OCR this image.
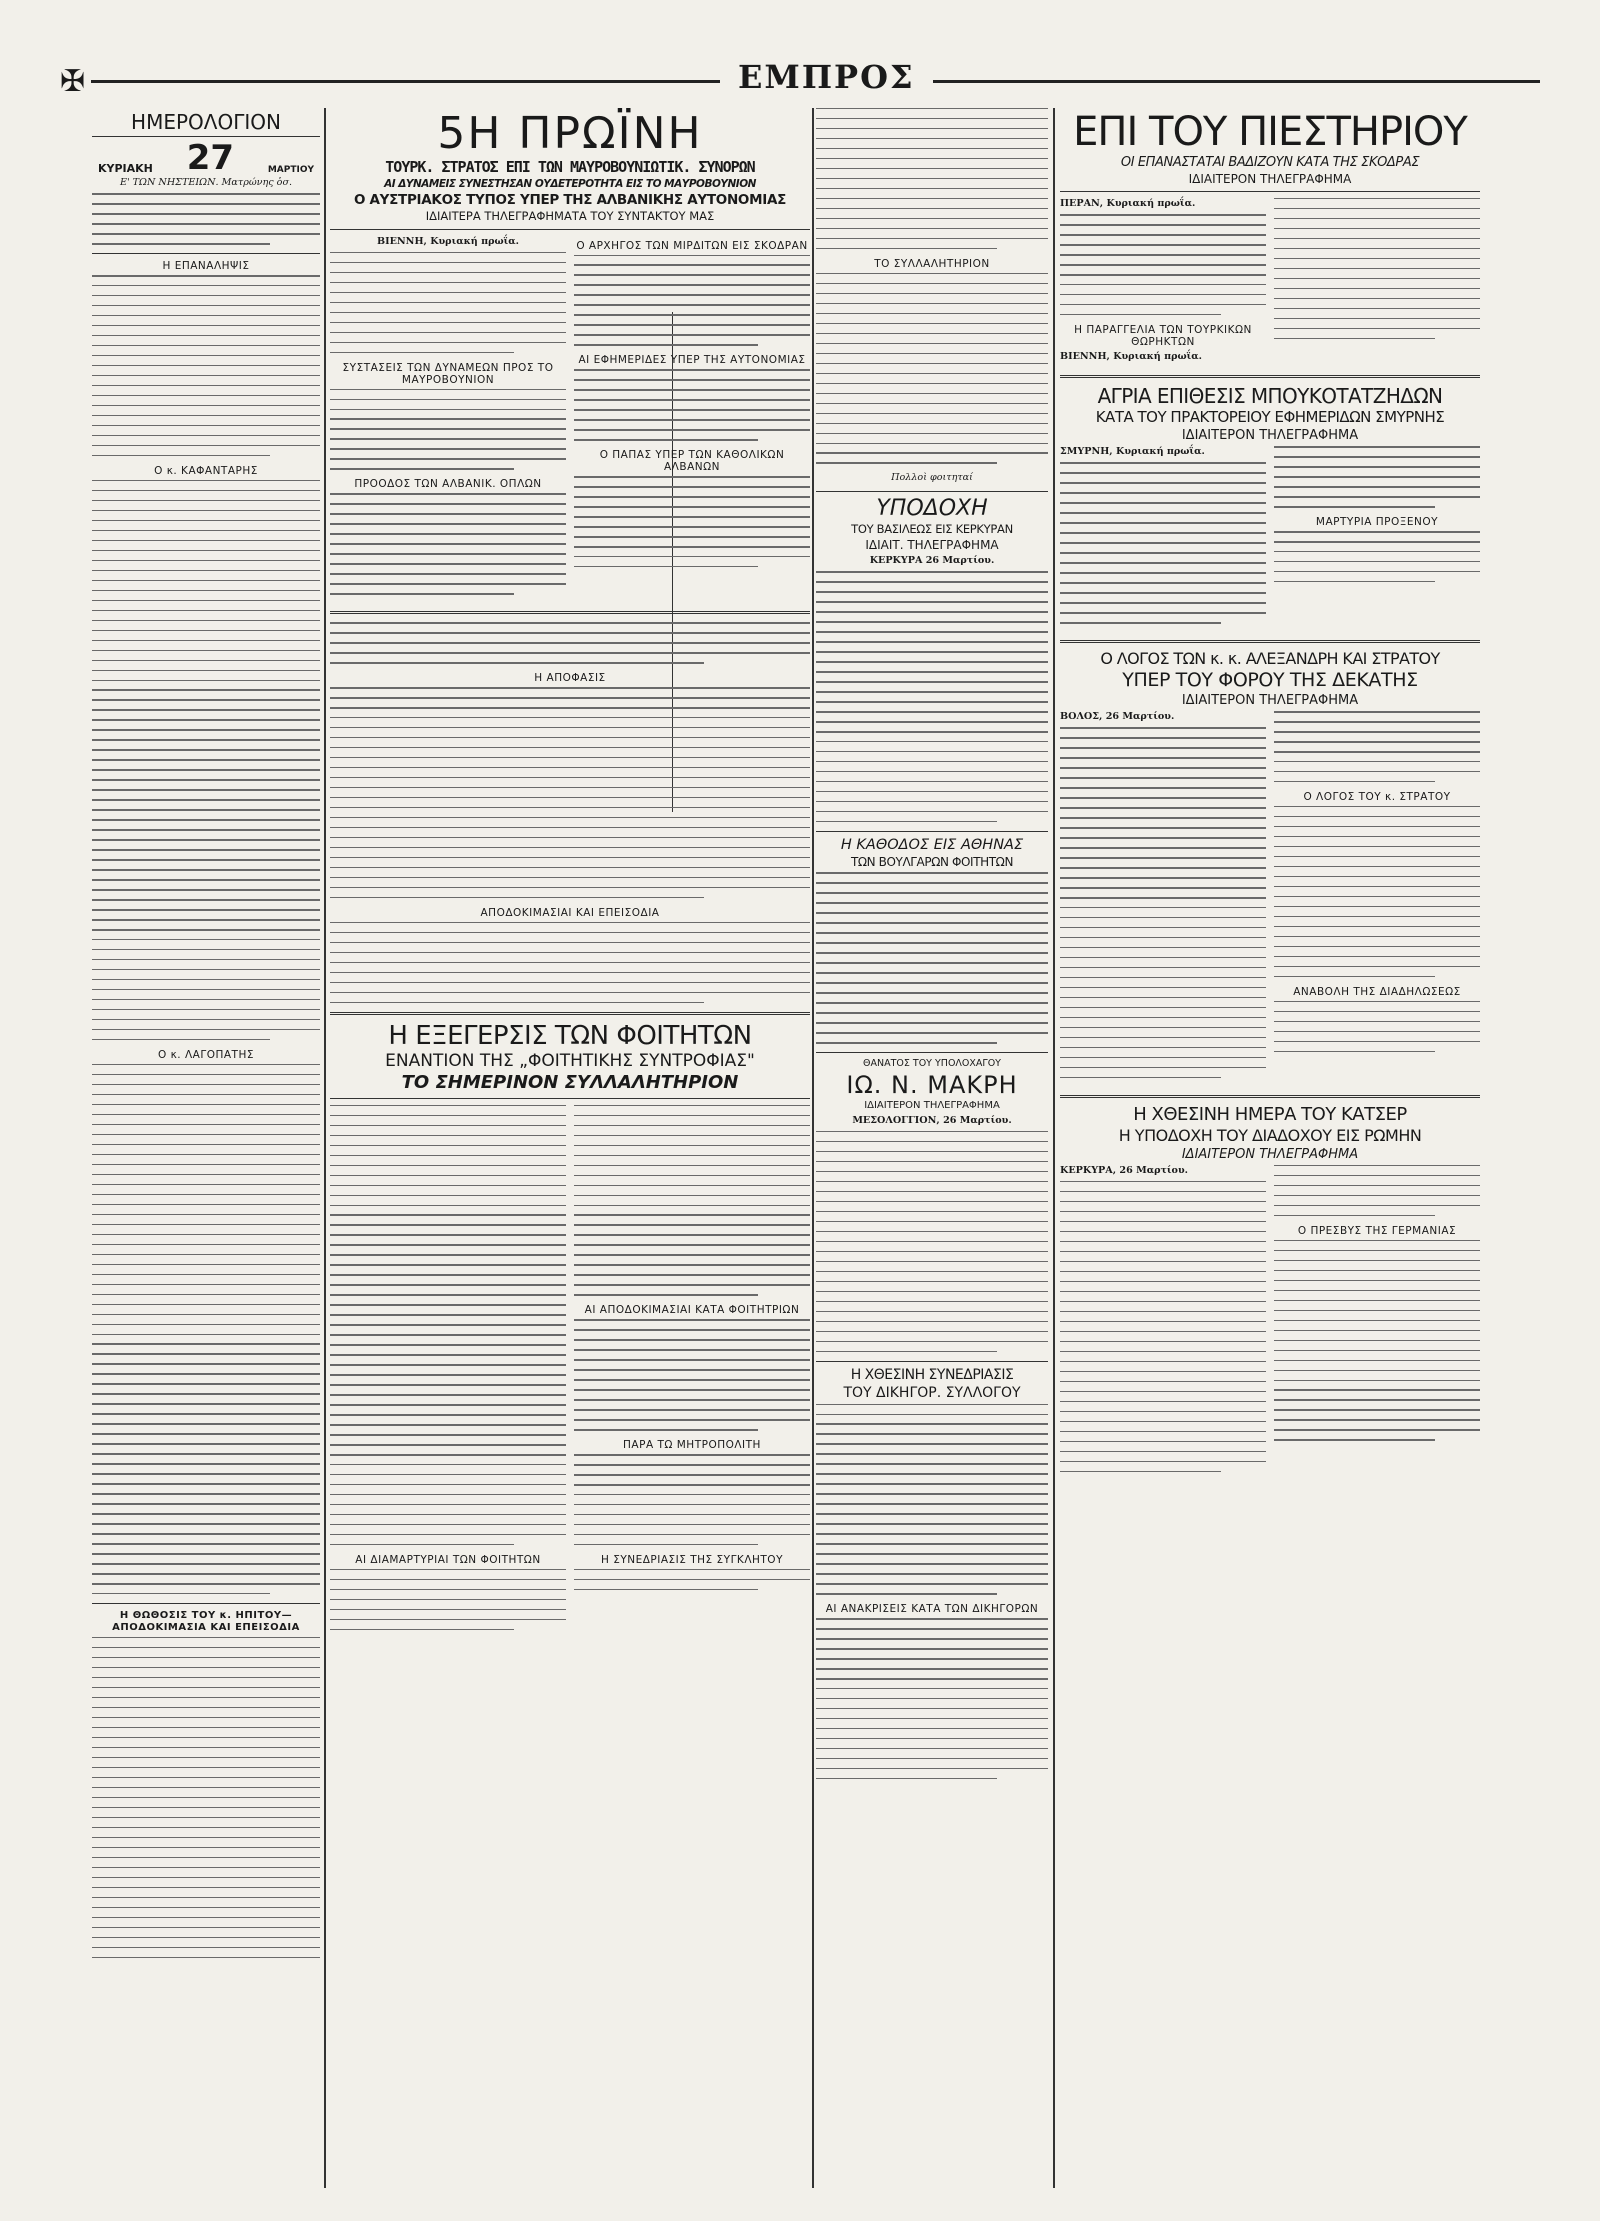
✠	ΕΜΠΡΟΣ
ΗΜΕΡΟΛΟΓΙΟΝ
ΚΥΡΙΑΚΗ 27	ΜΑΡΤΙΟΥ
Ε' ΤΩΝ ΝΗΣΤΕΙΩΝ. Ματρώνης ὁσ.
Η ΕΠΑΝΑΛΗΨΙΣ
Ο κ. ΚΑΦΑΝΤΑΡΗΣ
Ο κ. ΛΑΓΟΠΑΤΗΣ
Η ΘΩΘΟΣΙΣ ΤΟΥ κ. ΗΠΙΤΟΥ—ΑΠΟΔΟΚΙΜΑΣΙΑ ΚΑΙ ΕΠΕΙΣΟΔΙΑ
5Η ΠΡΩΪΝΗ
ΤΟΥΡΚ. ΣΤΡΑΤΟΣ ΕΠΙ ΤΩΝ ΜΑΥΡΟΒΟΥΝΙΩΤΙΚ. ΣΥΝΟΡΩΝ
ΑΙ ΔΥΝΑΜΕΙΣ ΣΥΝΕΣΤΗΣΑΝ ΟΥΔΕΤΕΡΟΤΗΤΑ ΕΙΣ ΤΟ ΜΑΥΡΟΒΟΥΝΙΟΝ
Ο ΑΥΣΤΡΙΑΚΟΣ ΤΥΠΟΣ ΥΠΕΡ ΤΗΣ ΑΛΒΑΝΙΚΗΣ ΑΥΤΟΝΟΜΙΑΣ
ΙΔΙΑΙΤΕΡΑ ΤΗΛΕΓΡΑΦΗΜΑΤΑ ΤΟΥ ΣΥΝΤΑΚΤΟΥ ΜΑΣ
ΒΙΕΝΝΗ, Κυριακή πρωΐα.
ΣΥΣΤΑΣΕΙΣ ΤΩΝ ΔΥΝΑΜΕΩΝ ΠΡΟΣ ΤΟ ΜΑΥΡΟΒΟΥΝΙΟΝ
ΠΡΟΟΔΟΣ ΤΩΝ ΑΛΒΑΝΙΚ. ΟΠΛΩΝ
Ο ΑΡΧΗΓΟΣ ΤΩΝ ΜΙΡΔΙΤΩΝ ΕΙΣ ΣΚΟΔΡΑΝ
ΑΙ ΕΦΗΜΕΡΙΔΕΣ ΥΠΕΡ ΤΗΣ ΑΥΤΟΝΟΜΙΑΣ
Ο ΠΑΠΑΣ ΥΠΕΡ ΤΩΝ ΚΑΘΟΛΙΚΩΝ ΑΛΒΑΝΩΝ
Η ΑΠΟΦΑΣΙΣ
ΑΠΟΔΟΚΙΜΑΣΙΑΙ ΚΑΙ ΕΠΕΙΣΟΔΙΑ
Η ΕΞΕΓΕΡΣΙΣ ΤΩΝ ΦΟΙΤΗΤΩΝ
ΕΝΑΝΤΙΟΝ ΤΗΣ „ΦΟΙΤΗΤΙΚΗΣ ΣΥΝΤΡΟΦΙΑΣ"
ΤΟ ΣΗΜΕΡΙΝΟΝ ΣΥΛΛΑΛΗΤΗΡΙΟΝ
ΑΙ ΔΙΑΜΑΡΤΥΡΙΑΙ ΤΩΝ ΦΟΙΤΗΤΩΝ
ΑΙ ΑΠΟΔΟΚΙΜΑΣΙΑΙ ΚΑΤΑ ΦΟΙΤΗΤΡΙΩΝ
ΠΑΡΑ ΤΩ ΜΗΤΡΟΠΟΛΙΤΗ
Η ΣΥΝΕΔΡΙΑΣΙΣ ΤΗΣ ΣΥΓΚΛΗΤΟΥ
ΤΟ ΣΥΛΛΑΛΗΤΗΡΙΟΝ
Πολλοὶ φοιτηταί
ΥΠΟΔΟΧΗ
ΤΟΥ ΒΑΣΙΛΕΩΣ ΕΙΣ ΚΕΡΚΥΡΑΝ
ΙΔΙΑΙΤ. ΤΗΛΕΓΡΑΦΗΜΑ
ΚΕΡΚΥΡΑ 26 Μαρτίου.
Η ΚΑΘΟΔΟΣ ΕΙΣ ΑΘΗΝΑΣ
ΤΩΝ ΒΟΥΛΓΑΡΩΝ ΦΟΙΤΗΤΩΝ
ΘΑΝΑΤΟΣ ΤΟΥ ΥΠΟΛΟΧΑΓΟΥ
ΙΩ. Ν. ΜΑΚΡΗ
ΙΔΙΑΙΤΕΡΟΝ ΤΗΛΕΓΡΑΦΗΜΑ
ΜΕΣΟΛΟΓΓΙΟΝ, 26 Μαρτίου.
Η ΧΘΕΣΙΝΗ ΣΥΝΕΔΡΙΑΣΙΣ
ΤΟΥ ΔΙΚΗΓΟΡ. ΣΥΛΛΟΓΟΥ
ΑΙ ΑΝΑΚΡΙΣΕΙΣ ΚΑΤΑ ΤΩΝ ΔΙΚΗΓΟΡΩΝ
ΕΠΙ ΤΟΥ ΠΙΕΣΤΗΡΙΟΥ
ΟΙ ΕΠΑΝΑΣΤΑΤΑΙ ΒΑΔΙΖΟΥΝ ΚΑΤΑ ΤΗΣ ΣΚΟΔΡΑΣ
ΙΔΙΑΙΤΕΡΟΝ ΤΗΛΕΓΡΑΦΗΜΑ
ΠΕΡΑΝ, Κυριακή πρωΐα.
Η ΠΑΡΑΓΓΕΛΙΑ ΤΩΝ ΤΟΥΡΚΙΚΩΝ ΘΩΡΗΚΤΩΝ
ΒΙΕΝΝΗ, Κυριακή πρωΐα.
ΑΓΡΙΑ ΕΠΙΘΕΣΙΣ ΜΠΟΥΚΟΤΑΤΖΗΔΩΝ
ΚΑΤΑ ΤΟΥ ΠΡΑΚΤΟΡΕΙΟΥ ΕΦΗΜΕΡΙΔΩΝ ΣΜΥΡΝΗΣ
ΙΔΙΑΙΤΕΡΟΝ ΤΗΛΕΓΡΑΦΗΜΑ
ΣΜΥΡΝΗ, Κυριακή πρωΐα.
ΜΑΡΤΥΡΙΑ ΠΡΟΞΕΝΟΥ
Ο ΛΟΓΟΣ ΤΩΝ κ. κ. ΑΛΕΞΑΝΔΡΗ ΚΑΙ ΣΤΡΑΤΟΥ
ΥΠΕΡ ΤΟΥ ΦΟΡΟΥ ΤΗΣ ΔΕΚΑΤΗΣ
ΙΔΙΑΙΤΕΡΟΝ ΤΗΛΕΓΡΑΦΗΜΑ
ΒΟΛΟΣ, 26 Μαρτίου.
Ο ΛΟΓΟΣ ΤΟΥ κ. ΣΤΡΑΤΟΥ
ΑΝΑΒΟΛΗ ΤΗΣ ΔΙΑΔΗΛΩΣΕΩΣ
Η ΧΘΕΣΙΝΗ ΗΜΕΡΑ ΤΟΥ ΚΑΤΣΕΡ
Η ΥΠΟΔΟΧΗ ΤΟΥ ΔΙΑΔΟΧΟΥ ΕΙΣ ΡΩΜΗΝ
ΙΔΙΑΙΤΕΡΟΝ ΤΗΛΕΓΡΑΦΗΜΑ
ΚΕΡΚΥΡΑ, 26 Μαρτίου.
Ο ΠΡΕΣΒΥΣ ΤΗΣ ΓΕΡΜΑΝΙΑΣ
